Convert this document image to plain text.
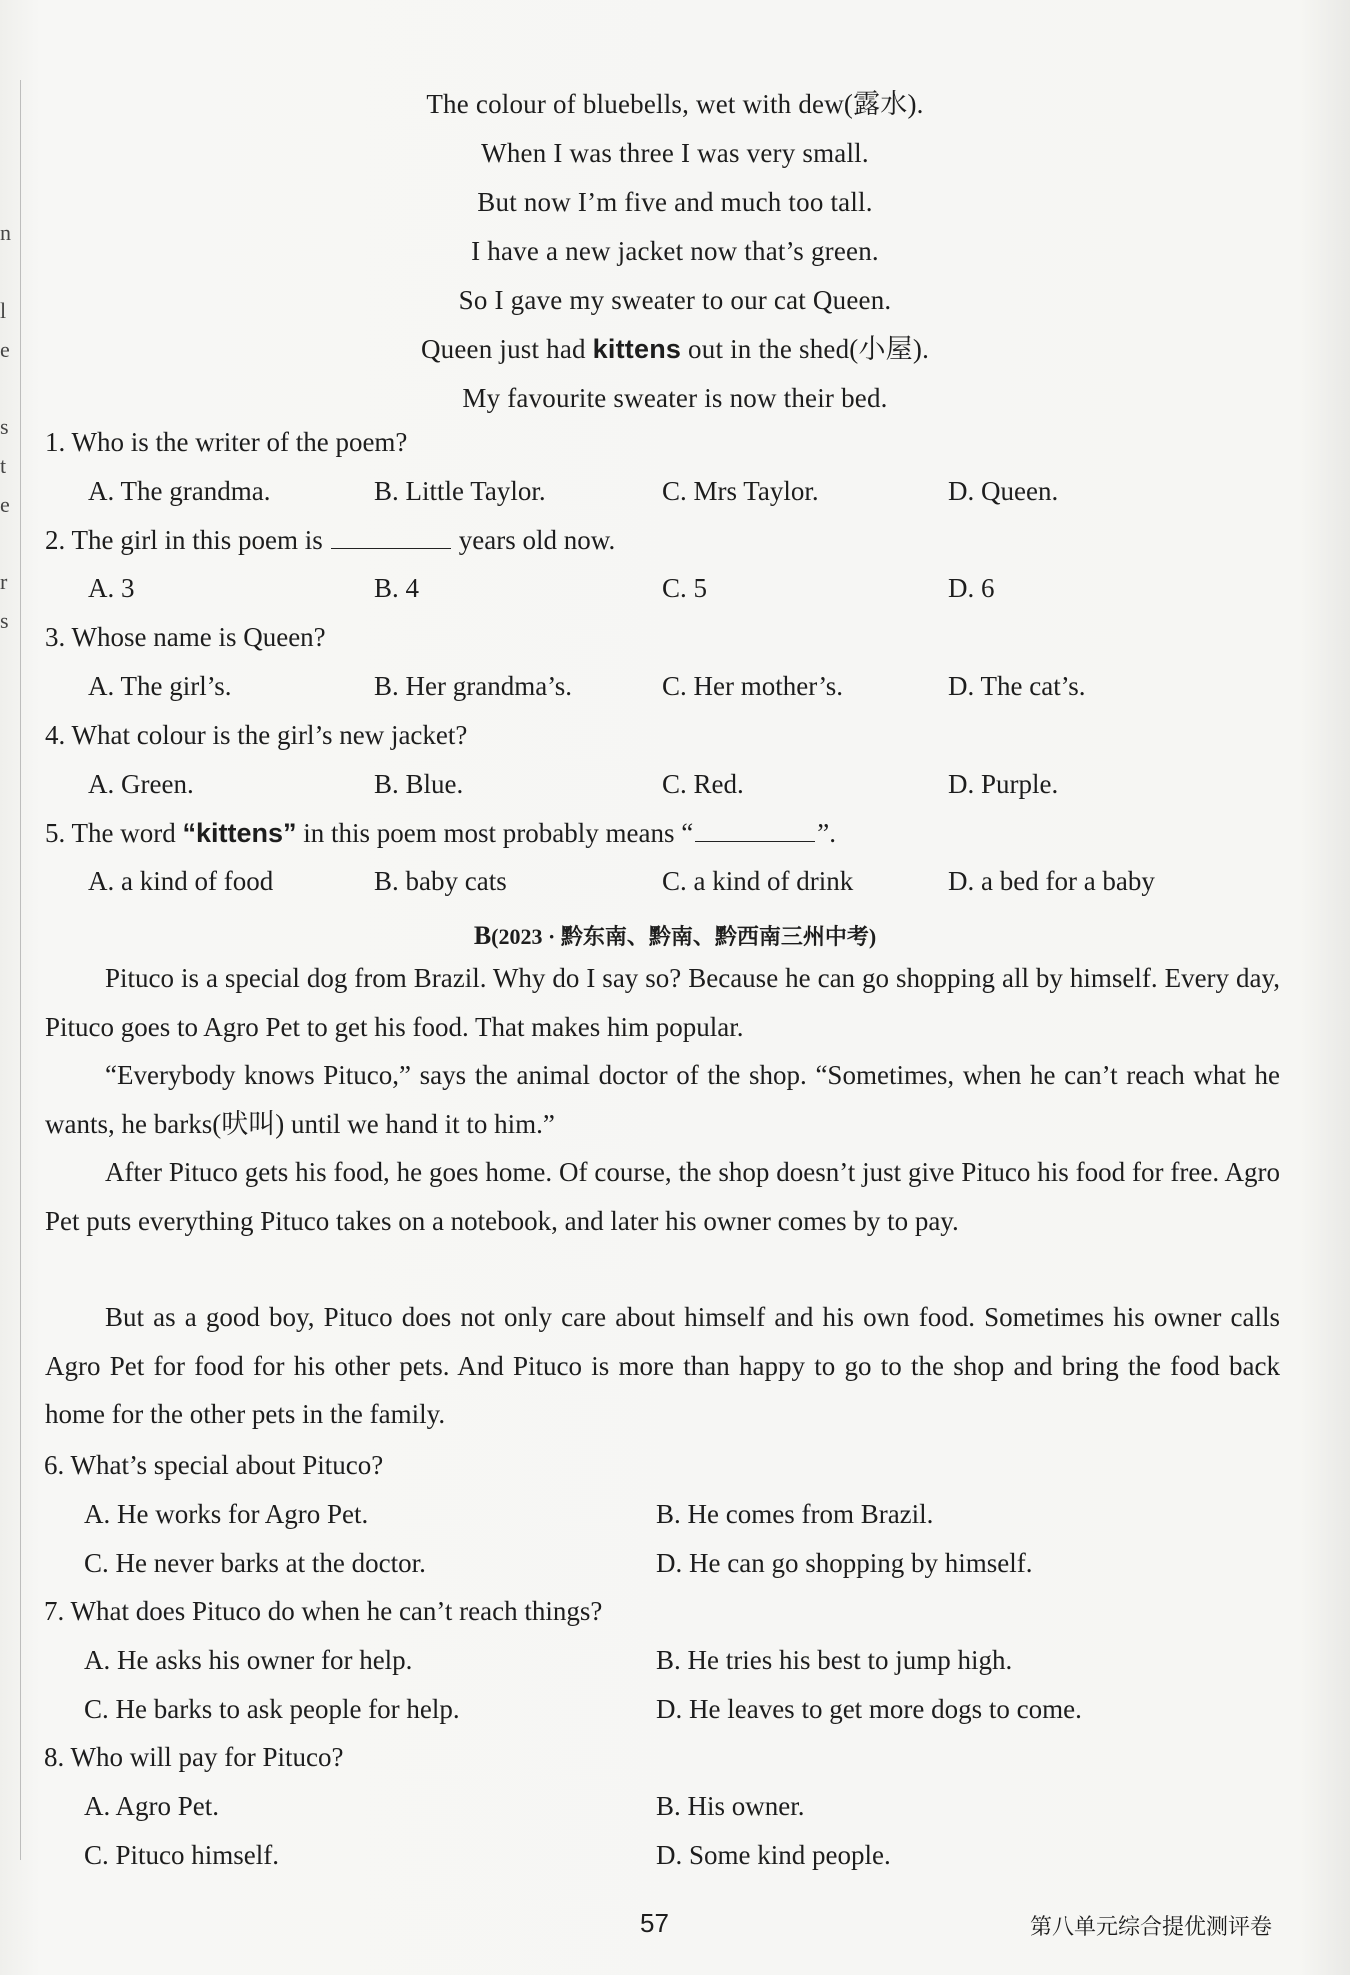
n
l
e
s
t
e
r
s
The colour of bluebells, wet with dew(露水).
When I was three I was very small.
But now I’m five and much too tall.
I have a new jacket now that’s green.
So I gave my sweater to our cat Queen.
Queen just had kittens out in the shed(小屋).
My favourite sweater is now their bed.
1. Who is the writer of the poem?
A. The grandma.	B. Little Taylor.	C. Mrs Taylor.	D. Queen.
2. The girl in this poem is	years old now.
A. 3	B. 4	C. 5	D. 6
3. Whose name is Queen?
A. The girl’s.	B. Her grandma’s.	C. Her mother’s.	D. The cat’s.
4. What colour is the girl’s new jacket?
A. Green.	B. Blue.	C. Red.	D. Purple.
5. The word “kittens” in this poem most probably means “	”.
A. a kind of food	B. baby cats	C. a kind of drink	D. a bed for a baby
B(2023 · 黔东南、黔南、黔西南三州中考)
Pituco is a special dog from Brazil. Why do I say so? Because he can go shopping all by himself. Every day, Pituco goes to Agro Pet to get his food. That makes him popular.
“Everybody knows Pituco,” says the animal doctor of the shop. “Sometimes, when he can’t reach what he wants, he barks(吠叫) until we hand it to him.”
After Pituco gets his food, he goes home. Of course, the shop doesn’t just give Pituco his food for free. Agro Pet puts everything Pituco takes on a notebook, and later his owner comes by to pay.
But as a good boy, Pituco does not only care about himself and his own food. Sometimes his owner calls Agro Pet for food for his other pets. And Pituco is more than happy to go to the shop and bring the food back home for the other pets in the family.
6. What’s special about Pituco?
A. He works for Agro Pet.	B. He comes from Brazil.
C. He never barks at the doctor.	D. He can go shopping by himself.
7. What does Pituco do when he can’t reach things?
A. He asks his owner for help.	B. He tries his best to jump high.
C. He barks to ask people for help.	D. He leaves to get more dogs to come.
8. Who will pay for Pituco?
A. Agro Pet.	B. His owner.
C. Pituco himself.	D. Some kind people.
57	第八单元综合提优测评卷
